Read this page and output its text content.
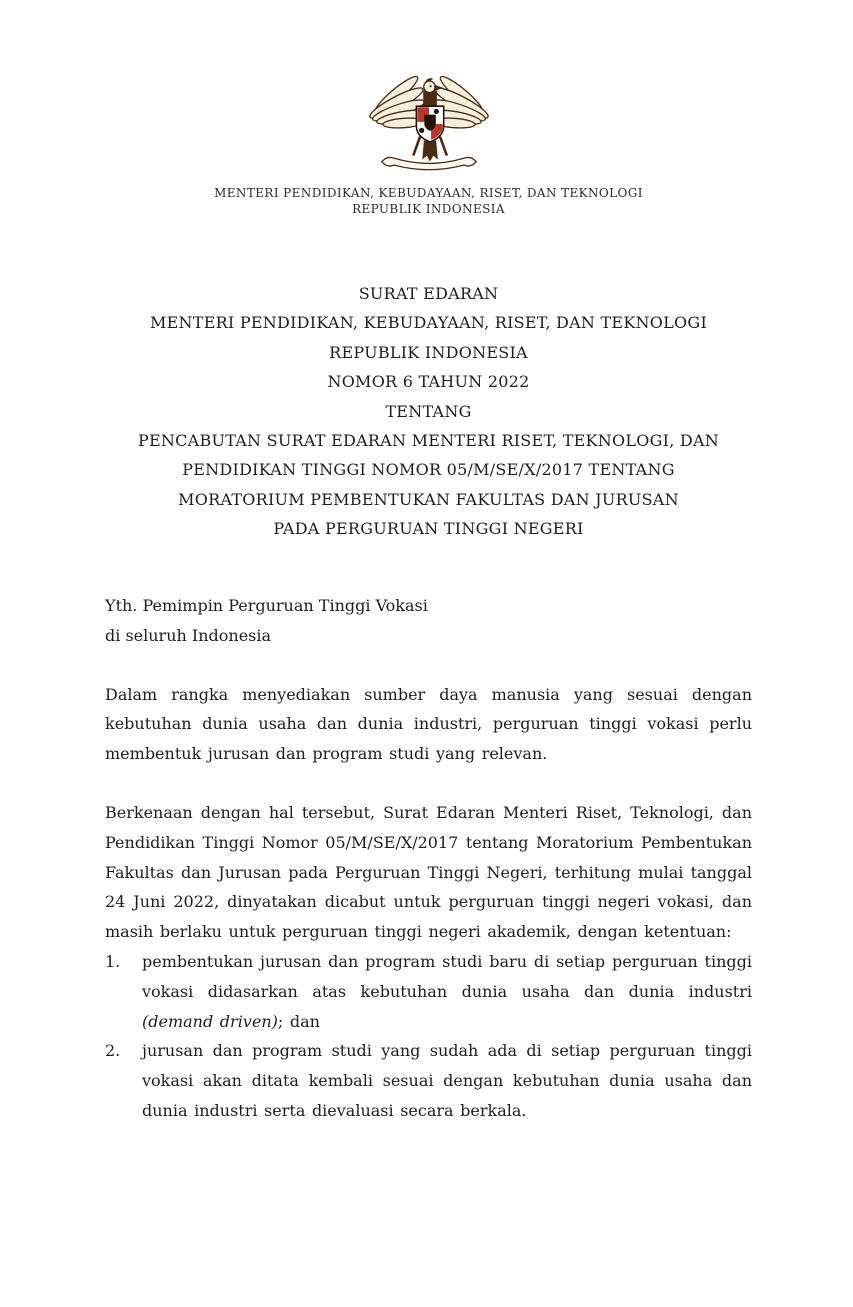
MENTERI PENDIDIKAN, KEBUDAYAAN, RISET, DAN TEKNOLOGI
REPUBLIK INDONESIA
SURAT EDARAN
MENTERI PENDIDIKAN, KEBUDAYAAN, RISET, DAN TEKNOLOGI
REPUBLIK INDONESIA
NOMOR 6 TAHUN 2022
TENTANG
PENCABUTAN SURAT EDARAN MENTERI RISET, TEKNOLOGI, DAN
PENDIDIKAN TINGGI NOMOR 05/M/SE/X/2017 TENTANG
MORATORIUM PEMBENTUKAN FAKULTAS DAN JURUSAN
PADA PERGURUAN TINGGI NEGERI
Yth. Pemimpin Perguruan Tinggi Vokasi
di seluruh Indonesia

Dalam rangka menyediakan sumber daya manusia yang sesuai dengan kebutuhan dunia usaha dan dunia industri, perguruan tinggi vokasi perlu membentuk jurusan dan program studi yang relevan.

Berkenaan dengan hal tersebut, Surat Edaran Menteri Riset, Teknologi, dan Pendidikan Tinggi Nomor 05/M/SE/X/2017 tentang Moratorium Pembentukan Fakultas dan Jurusan pada Perguruan Tinggi Negeri, terhitung mulai tanggal 24 Juni 2022, dinyatakan dicabut untuk perguruan tinggi negeri vokasi, dan masih berlaku untuk perguruan tinggi negeri akademik, dengan ketentuan:

1. pembentukan jurusan dan program studi baru di setiap perguruan tinggi vokasi didasarkan atas kebutuhan dunia usaha dan dunia industri (demand driven); dan
2. jurusan dan program studi yang sudah ada di setiap perguruan tinggi vokasi akan ditata kembali sesuai dengan kebutuhan dunia usaha dan dunia industri serta dievaluasi secara berkala.
